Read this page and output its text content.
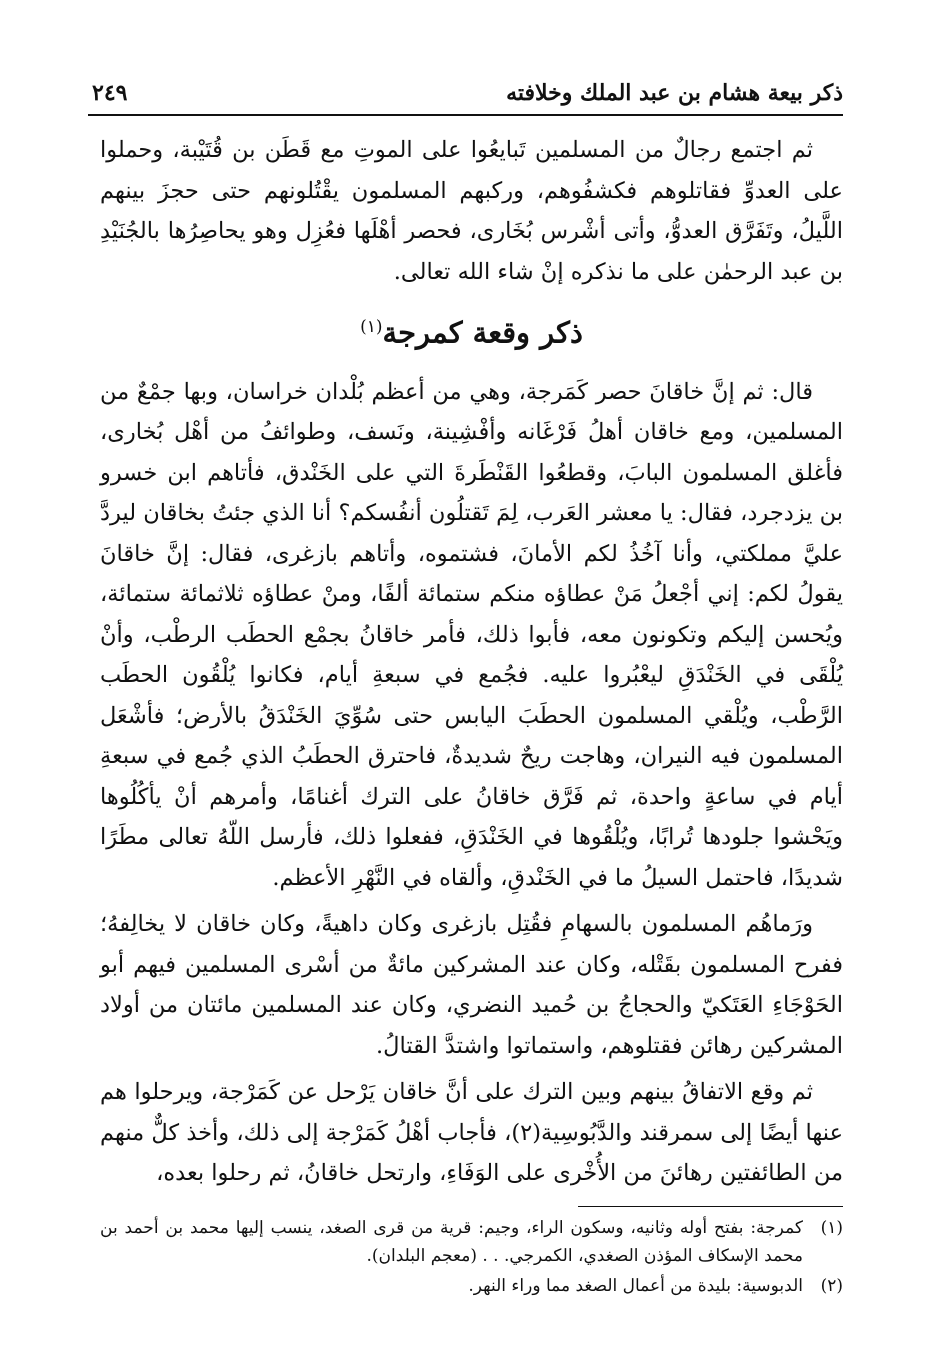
ذكر بيعة هشام بن عبد الملك وخلافته
٢٤٩

ثم اجتمع رجالٌ من المسلمين تَبايعُوا على الموتِ مع قَطَن بن قُتَيْبة، وحملوا على العدوِّ فقاتلوهم فكشفُوهم، وركبهم المسلمون يقْتُلونهم حتى حجزَ بينهم اللَّيلُ، وتَفَرَّق العدوُّ، وأتى أشْرس بُخَارى، فحصر أهْلَها فعُزِل وهو يحاصِرُها بالجُنَيْدِ بن عبد الرحمٰن على ما نذكره إنْ شاء الله تعالى.

ذكر وقعة كمرجة$^{(١)}$

قال: ثم إنَّ خاقانَ حصر كَمَرجة، وهي من أعظم بُلْدان خراسان، وبها جمْعٌ من المسلمين، ومع خاقان أهلُ فَرْغَانه وأفْشِينة، ونَسف، وطوائفُ من أهْل بُخارى، فأغلق المسلمون البابَ، وقطعُوا القَنْطَرةَ التي على الخَنْدق، فأتاهم ابن خسرو بن يزدجرد، فقال: يا معشر العَرب، لِمَ تَقتلُون أنفُسكم؟ أنا الذي جئتُ بخاقان ليردَّ عليَّ مملكتي، وأنا آخُذُ لكم الأمانَ، فشتموه، وأتاهم بازغرى، فقال: إنَّ خاقانَ يقولُ لكم: إني أجْعلُ مَنْ عطاؤه منكم ستمائة ألفًا، ومنْ عطاؤه ثلاثمائة ستمائة، ويُحسن إليكم وتكونون معه، فأبوا ذلك، فأمر خاقانُ بجمْع الحطَب الرطْب، وأنْ يُلْقَى في الخَنْدَقِ ليعْبُروا عليه. فجُمع في سبعةِ أيام، فكانوا يُلْقُون الحطَب الرَّطْب، ويُلْقي المسلمون الحطَبَ اليابس حتى سُوِّيَ الخَنْدَقُ بالأرض؛ فأشْعَل المسلمون فيه النيران، وهاجت ريحٌ شديدةٌ، فاحترق الحطَبُ الذي جُمع في سبعةِ أيام في ساعةٍ واحدة، ثم فَرَّق خاقانُ على الترك أغنامًا، وأمرهم أنْ يأكُلُوها ويَحْشوا جلودها تُرابًا، ويُلْقُوها في الخَنْدَقِ، ففعلوا ذلك، فأرسل اللّهُ تعالى مطَرًا شديدًا، فاحتمل السيلُ ما في الخَنْدقِ، وألقاه في النَّهْرِ الأعظم.

ورَماهُم المسلمون بالسهامِ فقُتِل بازغرى وكان داهيةً، وكان خاقان لا يخالِفهُ؛ ففرح المسلمون بقَتْله، وكان عند المشركين مائةٌ من أسْرى المسلمين فيهم أبو الحَوْجَاءِ العَتَكيّ والحجاجُ بن حُميد النضري، وكان عند المسلمين مائتان من أولاد المشركين رهائن فقتلوهم، واستماتوا واشتدَّ القتالُ.

ثم وقع الاتفاقُ بينهم وبين الترك على أنَّ خاقان يَرْحل عن كَمَرْجة، ويرحلوا هم عنها أيضًا إلى سمرقند والدَّبُوسِية(٢)، فأجاب أهْلُ كَمَرْجة إلى ذلك، وأخذ كلٌّ منهم من الطائفتين رهائنَ من الأُخْرى على الوَفَاءِ، وارتحل خاقانُ، ثم رحلوا بعده،

(١)
كمرجة: بفتح أوله وثانيه، وسكون الراء، وجيم: قرية من قرى الصغد، ينسب إليها محمد بن أحمد بن محمد الإسكاف المؤذن الصغدي، الكمرجي. . . (معجم البلدان).

(٢)
الدبوسية: بليدة من أعمال الصغد مما وراء النهر.
